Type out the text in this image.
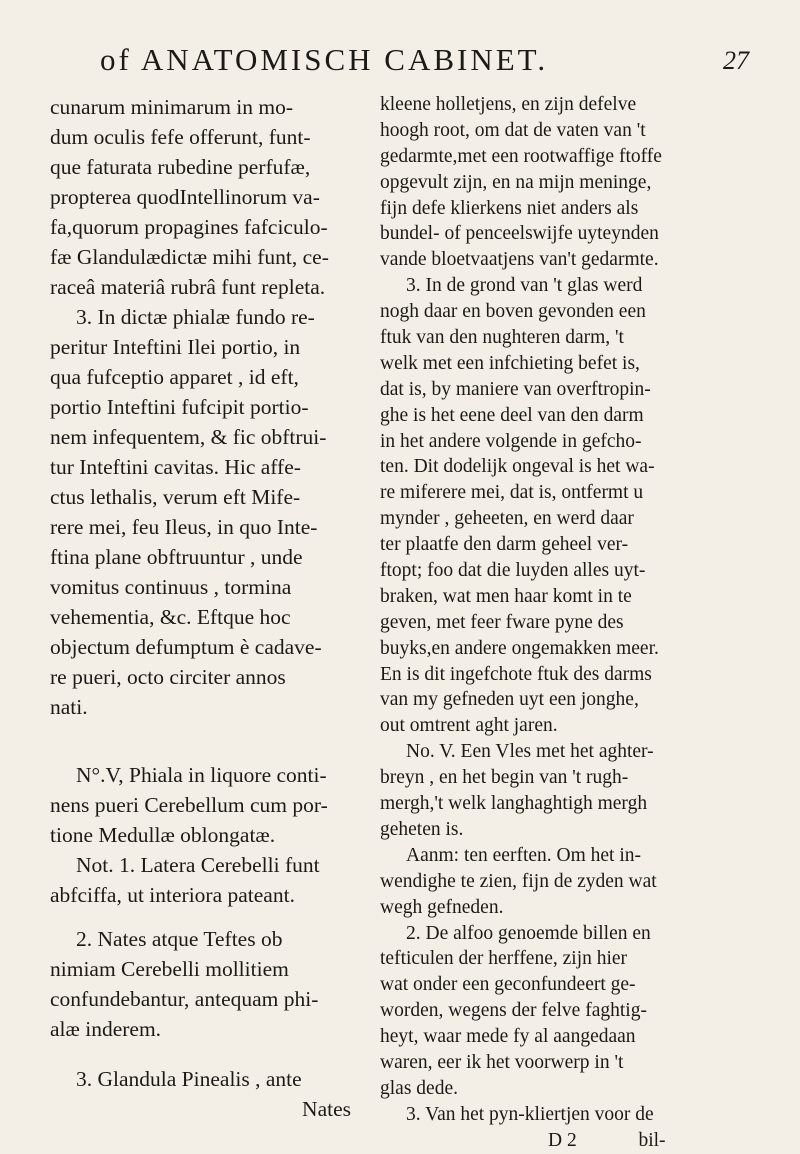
of ANATOMISCH CABINET.	27
cunarum minimarum in mo-
dum oculis fefe offerunt, funt-
que faturata rubedine perfufæ,
propterea quodIntellinorum va-
fa,quorum propagines fafciculo-
fæ Glandulædictæ mihi funt, ce-
raceâ materiâ rubrâ funt repleta.
3. In dictæ phialæ fundo re-
peritur Inteftini Ilei portio, in
qua fufceptio apparet , id eft,
portio Inteftini fufcipit portio-
nem infequentem, & fic obftrui-
tur Inteftini cavitas. Hic affe-
ctus lethalis, verum eft Mife-
rere mei, feu Ileus, in quo Inte-
ftina plane obftruuntur , unde
vomitus continuus , tormina
vehementia, &c. Eftque hoc
objectum defumptum è cadave-
re pueri, octo circiter annos
nati.
N°.V, Phiala in liquore conti-
nens pueri Cerebellum cum por-
tione Medullæ oblongatæ.
Not. 1. Latera Cerebelli funt
abfciffa, ut interiora pateant.
2. Nates atque Teftes ob
nimiam Cerebelli mollitiem
confundebantur, antequam phi-
alæ inderem.
3. Glandula Pinealis , ante
Nates
kleene holletjens, en zijn defelve
hoogh root, om dat de vaten van 't
gedarmte,met een rootwaffige ftoffe
opgevult zijn, en na mijn meninge,
fijn defe klierkens niet anders als
bundel- of penceelswijfe uyteynden
vande bloetvaatjens van't gedarmte.
3. In de grond van 't glas werd
nogh daar en boven gevonden een
ftuk van den nughteren darm, 't
welk met een infchieting befet is,
dat is, by maniere van overftropin-
ghe is het eene deel van den darm
in het andere volgende in gefcho-
ten. Dit dodelijk ongeval is het wa-
re miferere mei, dat is, ontfermt u
mynder , geheeten, en werd daar
ter plaatfe den darm geheel ver-
ftopt; foo dat die luyden alles uyt-
braken, wat men haar komt in te
geven, met feer fware pyne des
buyks,en andere ongemakken meer.
En is dit ingefchote ftuk des darms
van my gefneden uyt een jonghe,
out omtrent aght jaren.
No. V. Een Vles met het aghter-
breyn , en het begin van 't rugh-
mergh,'t welk langhaghtigh mergh
geheten is.
Aanm: ten eerften. Om het in-
wendighe te zien, fijn de zyden wat
wegh gefneden.
2. De alfoo genoemde billen en
tefticulen der herffene, zijn hier
wat onder een geconfundeert ge-
worden, wegens der felve faghtig-
heyt, waar mede fy al aangedaan
waren, eer ik het voorwerp in 't
glas dede.
3. Van het pyn-kliertjen voor de
D 2	bil-
